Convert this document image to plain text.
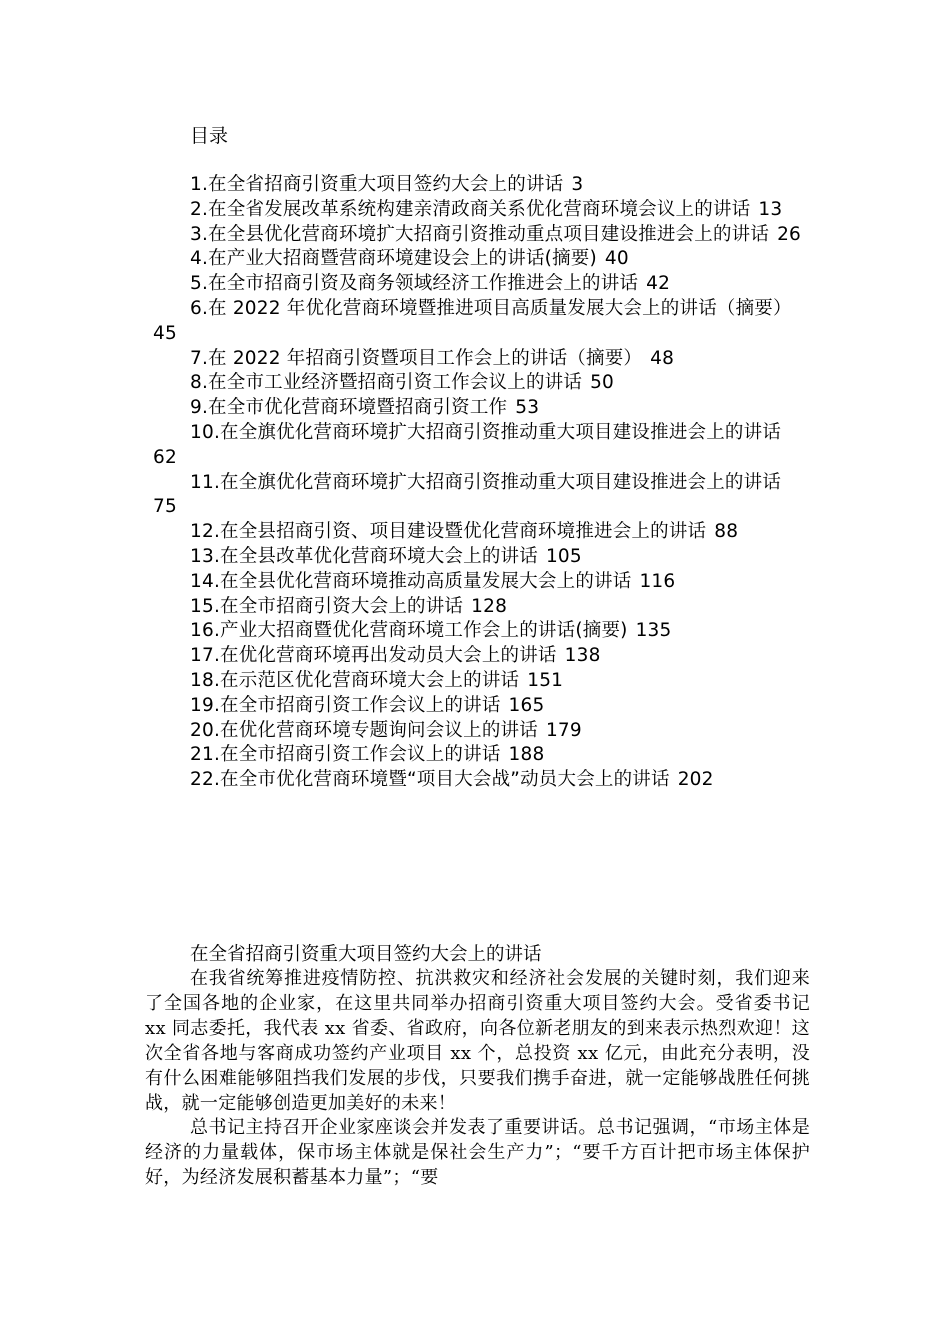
目录

1.在全省招商引资重大项目签约大会上的讲话 3

2.在全省发展改革系统构建亲清政商关系优化营商环境会议上的讲话 13

3.在全县优化营商环境扩大招商引资推动重点项目建设推进会上的讲话 26

4.在产业大招商暨营商环境建设会上的讲话(摘要) 40

5.在全市招商引资及商务领域经济工作推进会上的讲话 42

6.在 2022 年优化营商环境暨推进项目高质量发展大会上的讲话（摘要）45

7.在 2022 年招商引资暨项目工作会上的讲话（摘要） 48

8.在全市工业经济暨招商引资工作会议上的讲话 50

9.在全市优化营商环境暨招商引资工作 53

10.在全旗优化营商环境扩大招商引资推动重大项目建设推进会上的讲话62

11.在全旗优化营商环境扩大招商引资推动重大项目建设推进会上的讲话75

12.在全县招商引资、项目建设暨优化营商环境推进会上的讲话 88

13.在全县改革优化营商环境大会上的讲话 105

14.在全县优化营商环境推动高质量发展大会上的讲话 116

15.在全市招商引资大会上的讲话 128

16.产业大招商暨优化营商环境工作会上的讲话(摘要) 135

17.在优化营商环境再出发动员大会上的讲话 138

18.在示范区优化营商环境大会上的讲话 151

19.在全市招商引资工作会议上的讲话 165

20.在优化营商环境专题询问会议上的讲话 179

21.在全市招商引资工作会议上的讲话 188

22.在全市优化营商环境暨“项目大会战”动员大会上的讲话 202

在全省招商引资重大项目签约大会上的讲话

在我省统筹推进疫情防控、抗洪救灾和经济社会发展的关键时刻，我们迎来了全国各地的企业家，在这里共同举办招商引资重大项目签约大会。受省委书记 xx 同志委托，我代表 xx 省委、省政府，向各位新老朋友的到来表示热烈欢迎！这次全省各地与客商成功签约产业项目 xx 个，总投资 xx 亿元，由此充分表明，没有什么困难能够阻挡我们发展的步伐，只要我们携手奋进，就一定能够战胜任何挑战，就一定能够创造更加美好的未来！

总书记主持召开企业家座谈会并发表了重要讲话。总书记强调，“市场主体是经济的力量载体，保市场主体就是保社会生产力”；“要千方百计把市场主体保护好，为经济发展积蓄基本力量”；“要
